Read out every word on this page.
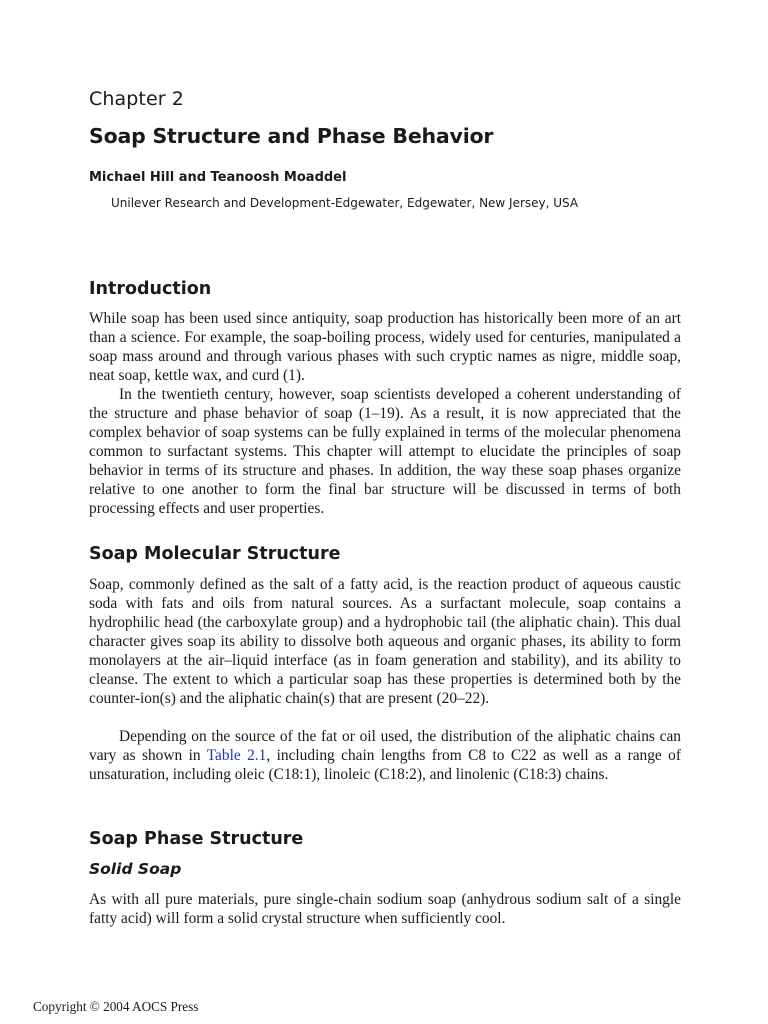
Chapter 2
Soap Structure and Phase Behavior
Michael Hill and Teanoosh Moaddel
Unilever Research and Development-Edgewater, Edgewater, New Jersey, USA
Introduction

While soap has been used since antiquity, soap production has historically been more of an art than a science. For example, the soap-boiling process, widely used for centuries, manipulated a soap mass around and through various phases with such cryptic names as nigre, middle soap, neat soap, kettle wax, and curd (1).

In the twentieth century, however, soap scientists developed a coherent understanding of the structure and phase behavior of soap (1–19). As a result, it is now appreciated that the complex behavior of soap systems can be fully explained in terms of the molecular phenomena common to surfactant systems. This chapter will attempt to elucidate the principles of soap behavior in terms of its structure and phases. In addition, the way these soap phases organize relative to one another to form the final bar structure will be discussed in terms of both processing effects and user properties.

Soap Molecular Structure

Soap, commonly defined as the salt of a fatty acid, is the reaction product of aqueous caustic soda with fats and oils from natural sources. As a surfactant molecule, soap contains a hydrophilic head (the carboxylate group) and a hydrophobic tail (the aliphatic chain). This dual character gives soap its ability to dissolve both aqueous and organic phases, its ability to form monolayers at the air–liquid interface (as in foam generation and stability), and its ability to cleanse. The extent to which a particular soap has these properties is determined both by the counter-ion(s) and the aliphatic chain(s) that are present (20–22).

Depending on the source of the fat or oil used, the distribution of the aliphatic chains can vary as shown in Table 2.1, including chain lengths from C8 to C22 as well as a range of unsaturation, including oleic (C18:1), linoleic (C18:2), and linolenic (C18:3) chains.

Soap Phase Structure
Solid Soap

As with all pure materials, pure single-chain sodium soap (anhydrous sodium salt of a single fatty acid) will form a solid crystal structure when sufficiently cool.

Copyright © 2004 AOCS Press
